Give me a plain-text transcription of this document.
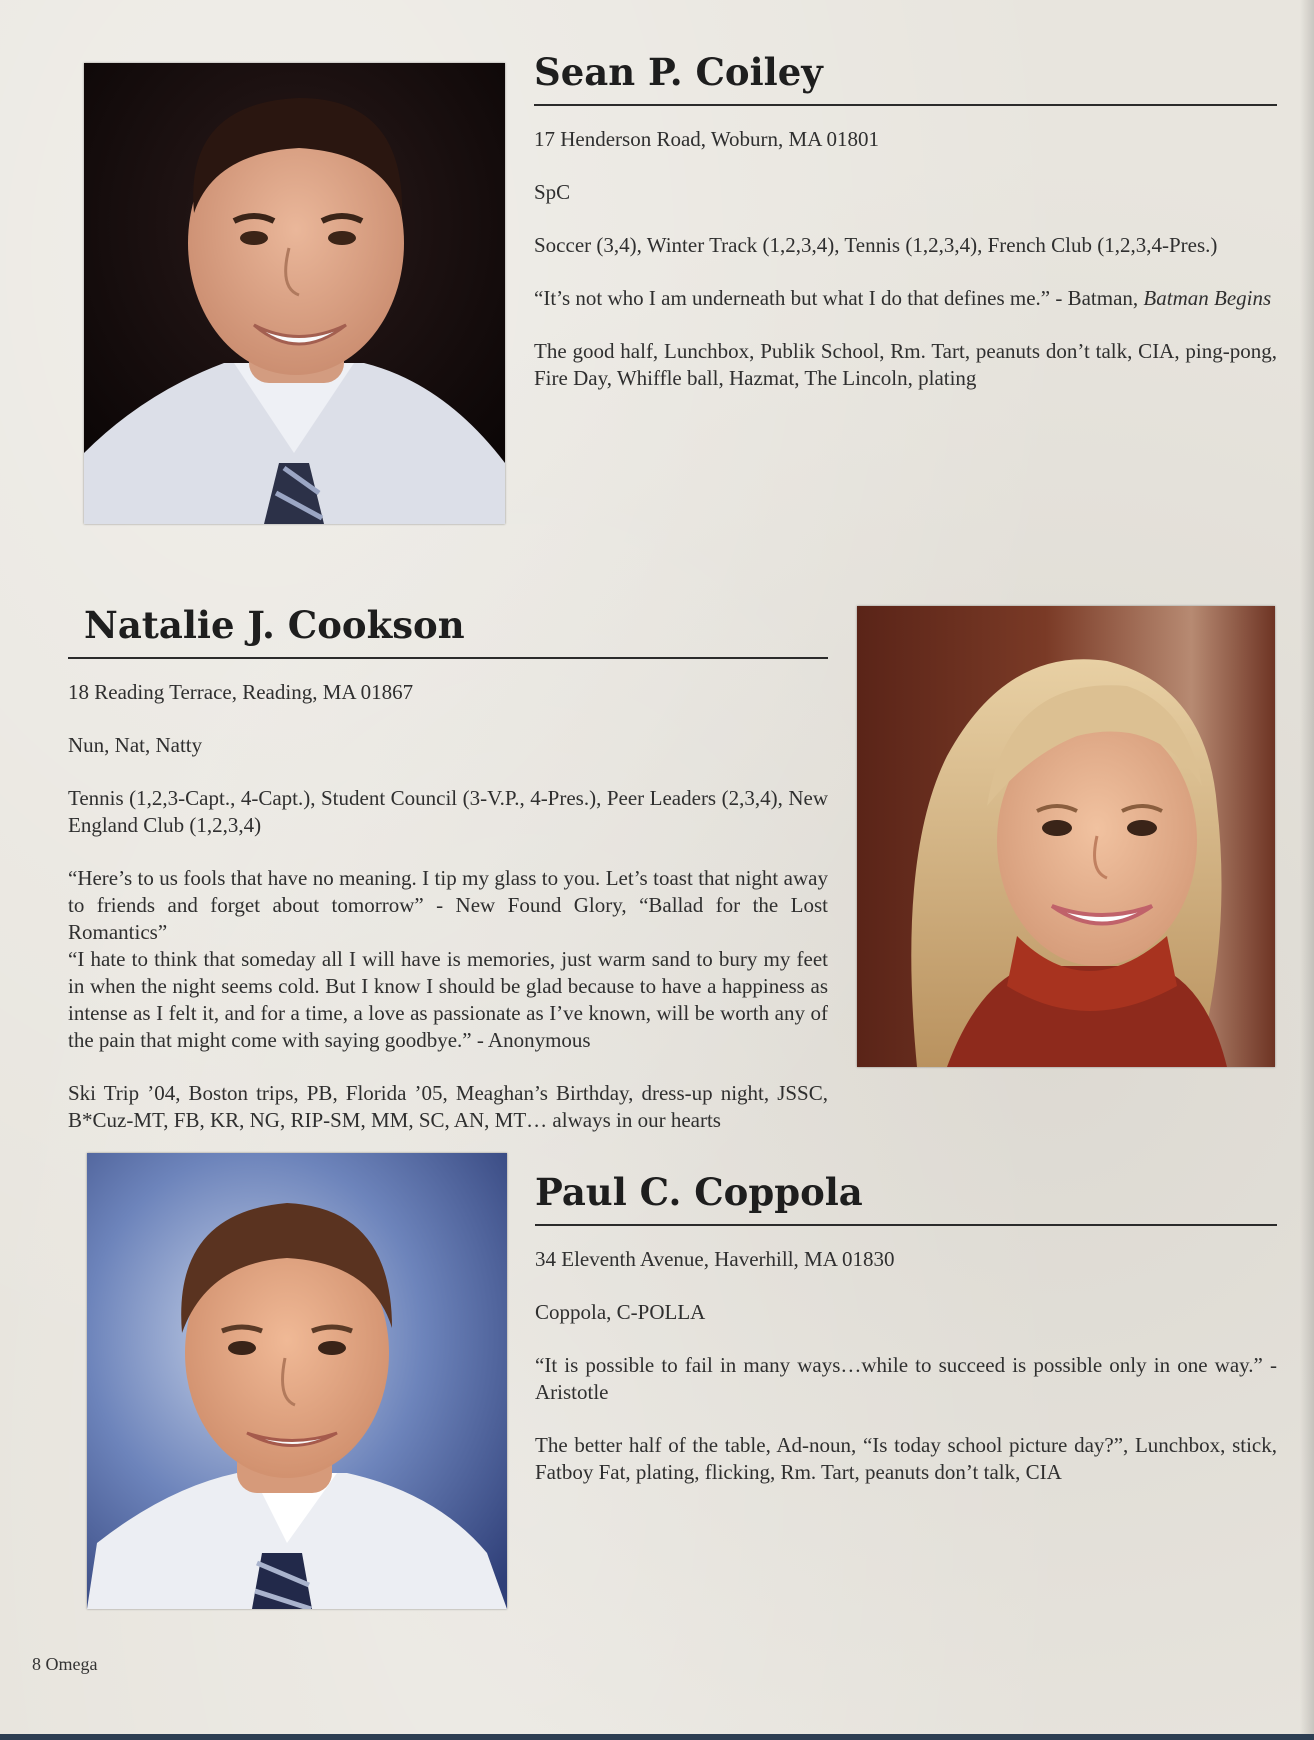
Sean P. Coiley

17 Henderson Road, Woburn, MA 01801

SpC

Soccer (3,4), Winter Track (1,2,3,4), Tennis (1,2,3,4), French Club (1,2,3,4-Pres.)

“It’s not who I am underneath but what I do that defines me.” - Batman, Batman Begins

The good half, Lunchbox, Publik School, Rm. Tart, peanuts don’t talk, CIA, ping-pong, Fire Day, Whiffle ball, Hazmat, The Lincoln, plating

Natalie J. Cookson

18 Reading Terrace, Reading, MA 01867

Nun, Nat, Natty

Tennis (1,2,3-Capt., 4-Capt.), Student Council (3-V.P., 4-Pres.), Peer Leaders (2,3,4), New England Club (1,2,3,4)

“Here’s to us fools that have no meaning. I tip my glass to you. Let’s toast that night away to friends and forget about tomorrow” - New Found Glory, “Ballad for the Lost Romantics”

“I hate to think that someday all I will have is memories, just warm sand to bury my feet in when the night seems cold. But I know I should be glad because to have a happiness as intense as I felt it, and for a time, a love as passionate as I’ve known, will be worth any of the pain that might come with saying goodbye.” - Anonymous

Ski Trip ’04, Boston trips, PB, Florida ’05, Meaghan’s Birthday, dress-up night, JSSC, B*Cuz-MT, FB, KR, NG, RIP-SM, MM, SC, AN, MT… always in our hearts

Paul C. Coppola

34 Eleventh Avenue, Haverhill, MA 01830

Coppola, C-POLLA

“It is possible to fail in many ways…while to succeed is possible only in one way.” - Aristotle

The better half of the table, Ad-noun, “Is today school picture day?”, Lunchbox, stick, Fatboy Fat, plating, flicking, Rm. Tart, peanuts don’t talk, CIA

8 Omega
